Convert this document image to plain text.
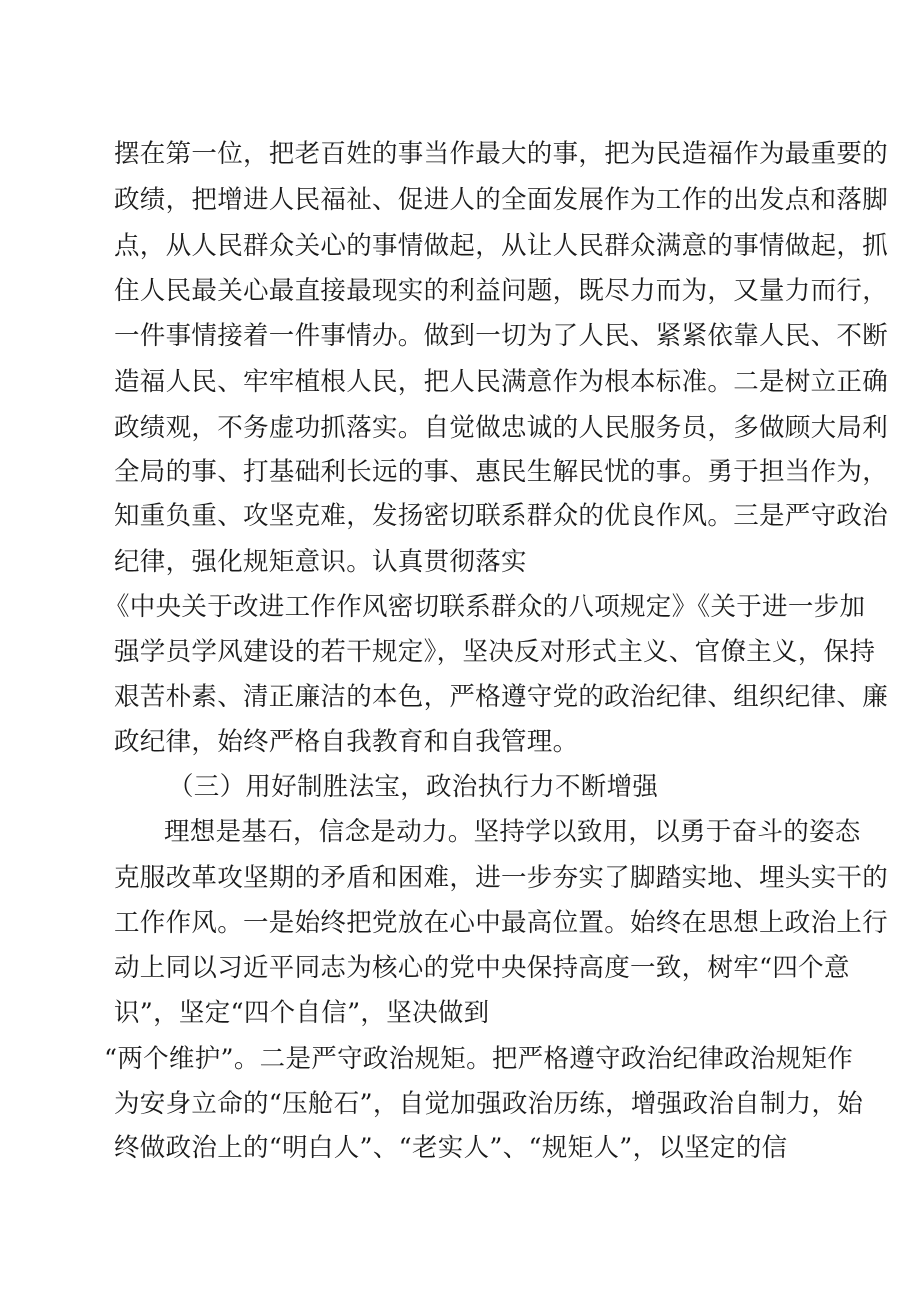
摆在第一位，把老百姓的事当作最大的事，把为民造福作为最重要的
政绩，把增进人民福祉、促进人的全面发展作为工作的出发点和落脚
点，从人民群众关心的事情做起，从让人民群众满意的事情做起，抓
住人民最关心最直接最现实的利益问题，既尽力而为，又量力而行，
一件事情接着一件事情办。做到一切为了人民、紧紧依靠人民、不断
造福人民、牢牢植根人民，把人民满意作为根本标准。二是树立正确
政绩观，不务虚功抓落实。自觉做忠诚的人民服务员，多做顾大局利
全局的事、打基础利长远的事、惠民生解民忧的事。勇于担当作为，
知重负重、攻坚克难，发扬密切联系群众的优良作风。三是严守政治
纪律，强化规矩意识。认真贯彻落实
《中央关于改进工作作风密切联系群众的八项规定》《关于进一步加
强学员学风建设的若干规定》，坚决反对形式主义、官僚主义，保持
艰苦朴素、清正廉洁的本色，严格遵守党的政治纪律、组织纪律、廉
政纪律，始终严格自我教育和自我管理。
（三）用好制胜法宝，政治执行力不断增强
理想是基石，信念是动力。坚持学以致用，以勇于奋斗的姿态
克服改革攻坚期的矛盾和困难，进一步夯实了脚踏实地、埋头实干的
工作作风。一是始终把党放在心中最高位置。始终在思想上政治上行
动上同以习近平同志为核心的党中央保持高度一致，树牢“四个意
识”，坚定“四个自信”，坚决做到
“两个维护”。二是严守政治规矩。把严格遵守政治纪律政治规矩作
为安身立命的“压舱石”，自觉加强政治历练，增强政治自制力，始
终做政治上的“明白人”、“老实人”、“规矩人”，以坚定的信
